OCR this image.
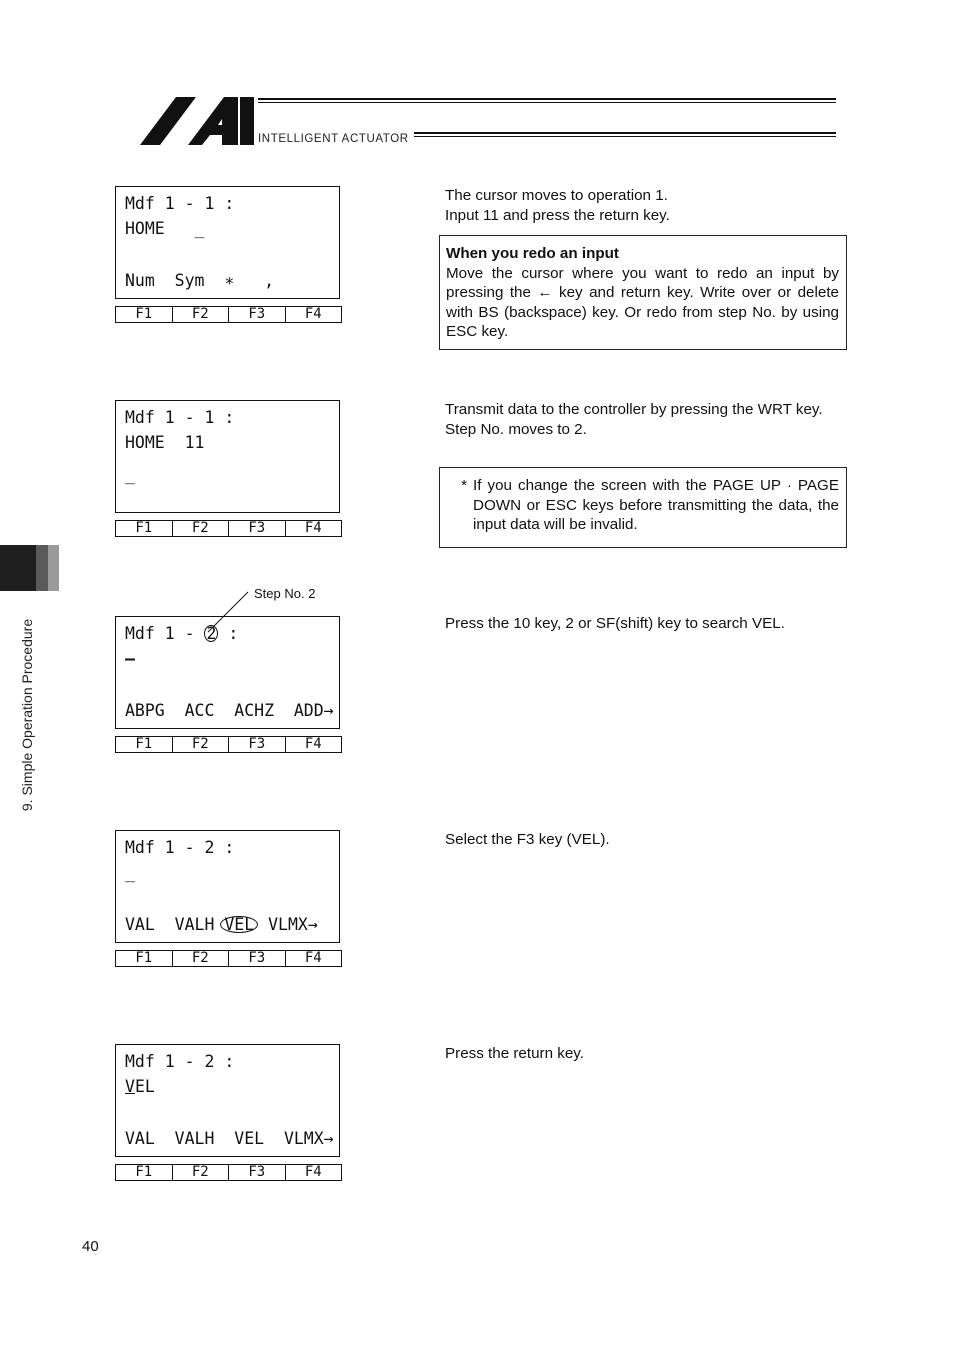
INTELLIGENT ACTUATOR
9. Simple Operation Procedure
Mdf 1 - 1 :
HOME   _
Num  Sym  ∗   ,
F1	F2	F3	F4

The cursor moves to operation 1.

Input 11 and press the return key.

When you redo an input
Move the cursor where you want to redo an input by pressing the ← key and return key. Write over or delete with BS (backspace) key. Or redo from step No. by using ESC key.
Mdf 1 - 1 :
HOME  11
_
F1	F2	F3	F4

Transmit data to the controller by pressing the WRT key.

Step No. moves to 2.

* If you change the screen with the PAGE UP · PAGE DOWN or ESC keys before transmitting the data, the input data will be invalid.
Step No. 2
Mdf 1 - 2 :
–
ABPG  ACC  ACHZ  ADD→
F1	F2	F3	F4

Press the 10 key, 2 or SF(shift) key to search VEL.

Mdf 1 - 2 :
_
VAL  VALH VEL VLMX→
F1	F2	F3	F4

Select the F3 key (VEL).

Mdf 1 - 2 :
VEL
VAL  VALH  VEL  VLMX→
F1	F2	F3	F4

Press the return key.

40
